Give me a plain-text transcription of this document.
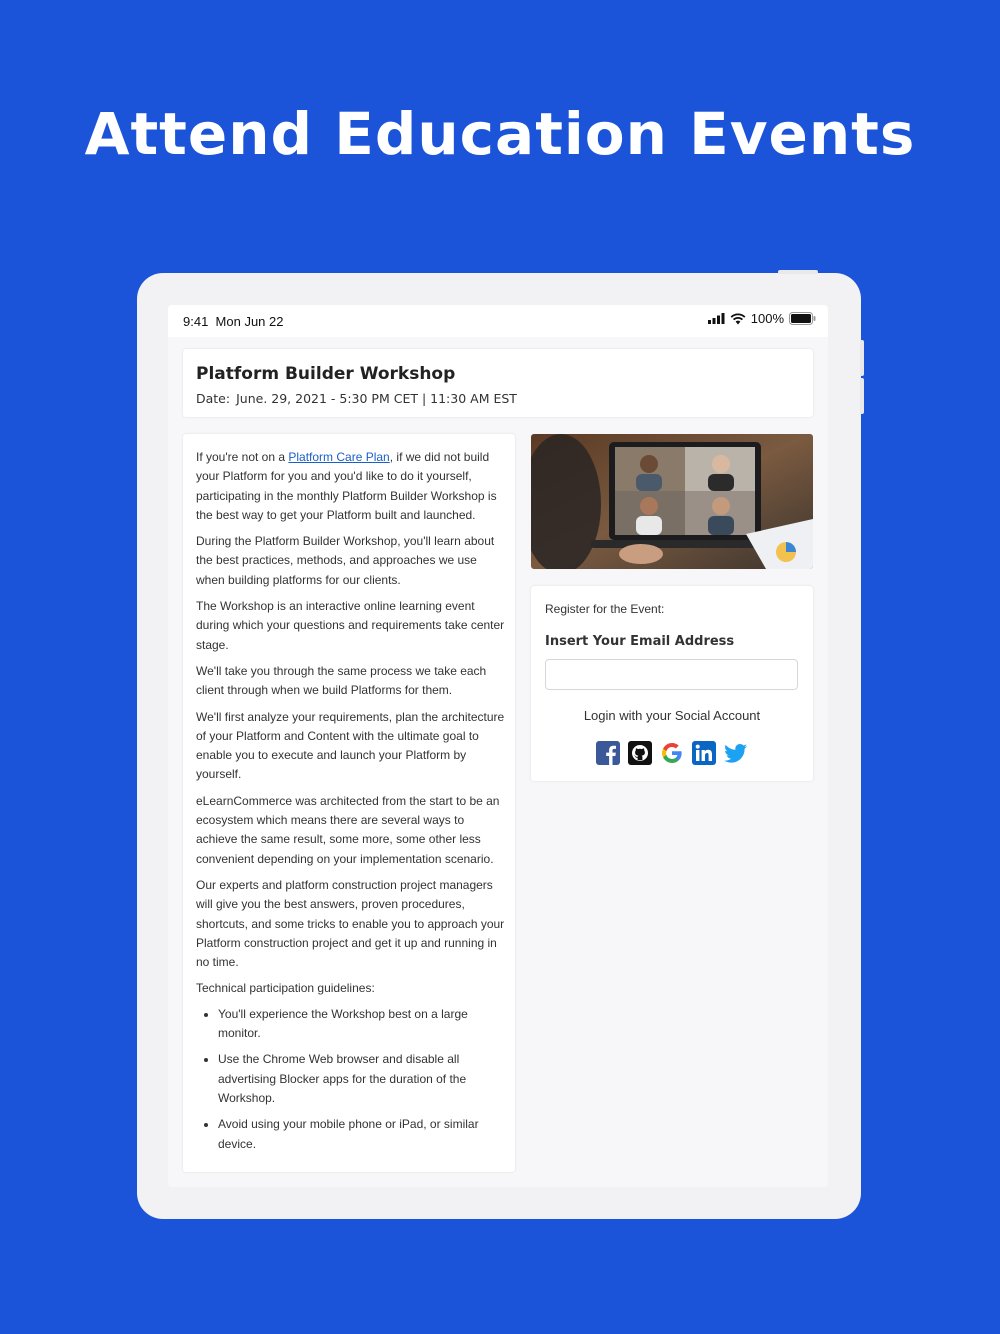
Attend Education Events
9:41 Mon Jun 22	100%
Platform Builder Workshop
Date: June. 29, 2021 - 5:30 PM CET | 11:30 AM EST

If you're not on a Platform Care Plan, if we did not build your Platform for you and you'd like to do it yourself, participating in the monthly Platform Builder Workshop is the best way to get your Platform built and launched.

During the Platform Builder Workshop, you'll learn about the best practices, methods, and approaches we use when building platforms for our clients.

The Workshop is an interactive online learning event during which your questions and requirements take center stage.

We'll take you through the same process we take each client through when we build Platforms for them.

We'll first analyze your requirements, plan the architecture of your Platform and Content with the ultimate goal to enable you to execute and launch your Platform by yourself.

eLearnCommerce was architected from the start to be an ecosystem which means there are several ways to achieve the same result, some more, some other less convenient depending on your implementation scenario.

Our experts and platform construction project managers will give you the best answers, proven procedures, shortcuts, and some tricks to enable you to approach your Platform construction project and get it up and running in no time.

Technical participation guidelines:

• You'll experience the Workshop best on a large monitor.
• Use the Chrome Web browser and disable all advertising Blocker apps for the duration of the Workshop.
• Avoid using your mobile phone or iPad, or similar device.
Register for the Event:
Insert Your Email Address
Login with your Social Account
